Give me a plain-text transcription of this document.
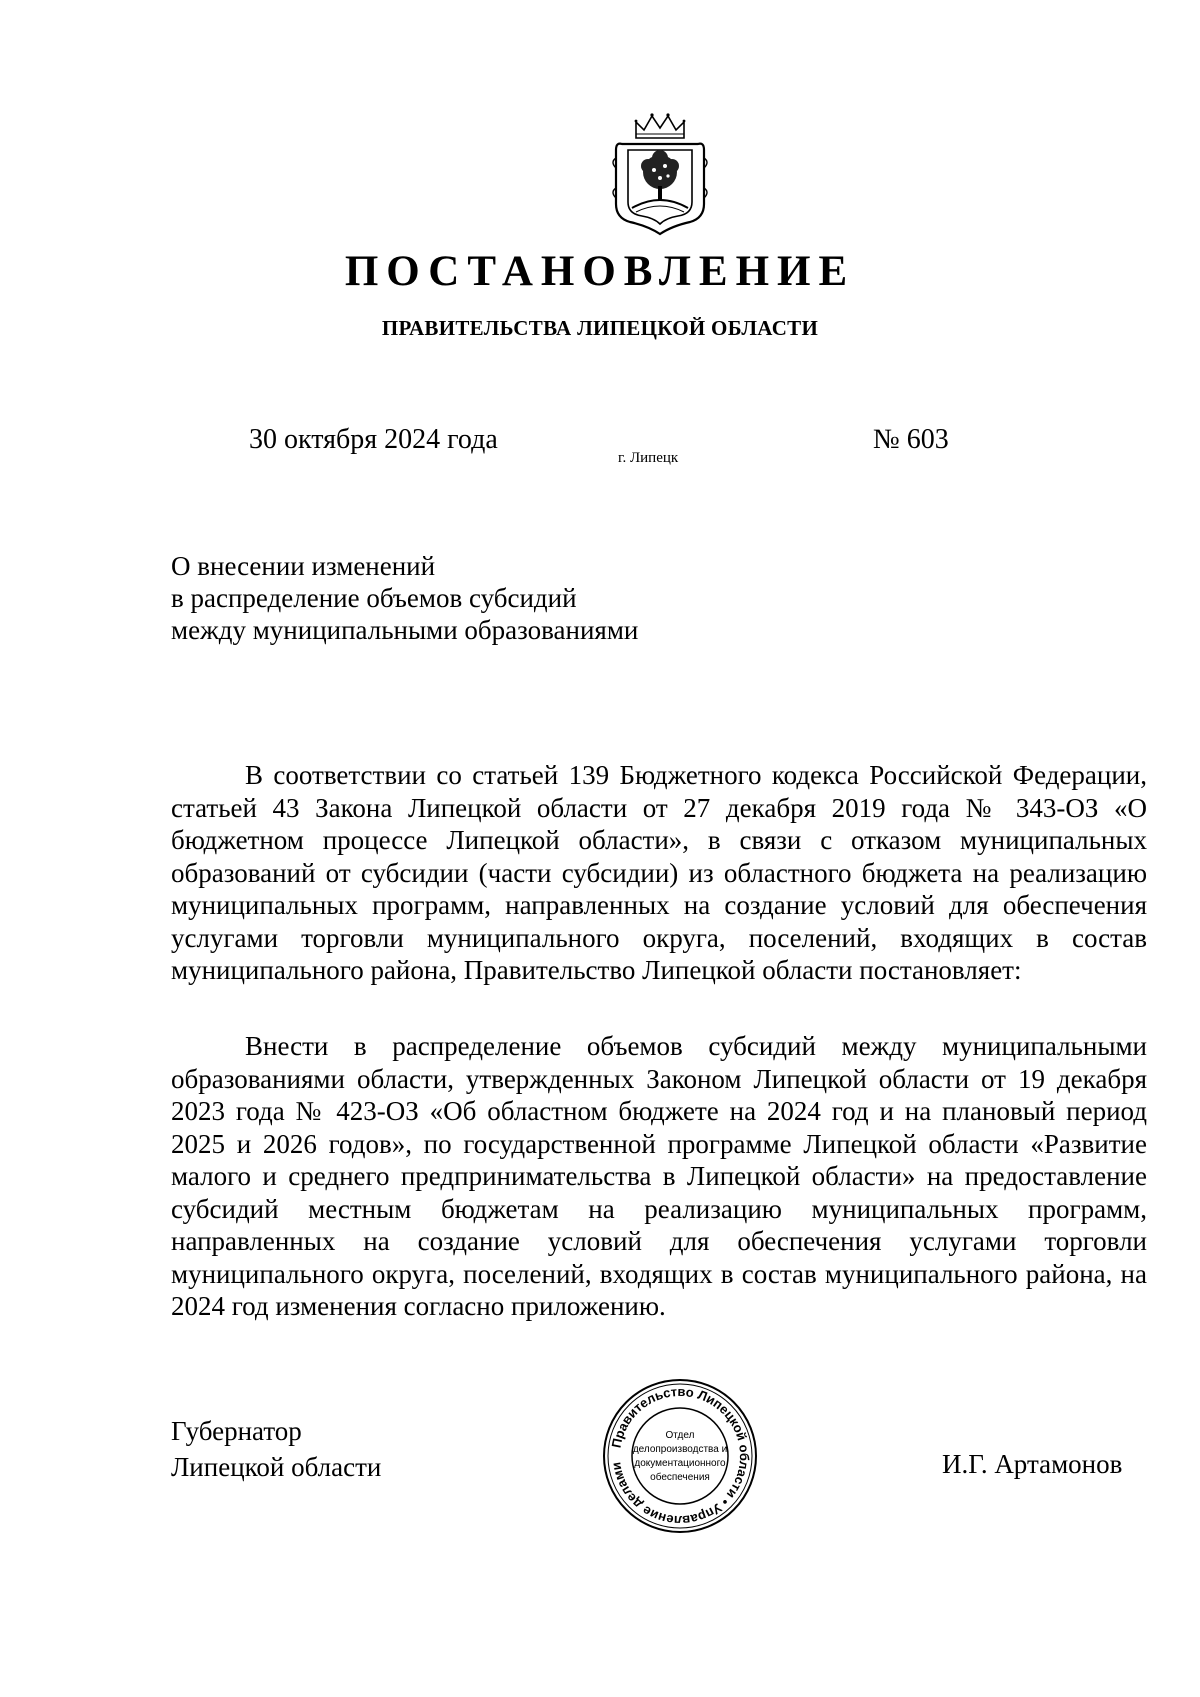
ПОСТАНОВЛЕНИЕ
ПРАВИТЕЛЬСТВА ЛИПЕЦКОЙ ОБЛАСТИ
30 октября 2024 года
г. Липецк
№ 603
О внесении изменений
в распределение объемов субсидий
между муниципальными образованиями

В соответствии со статьей 139 Бюджетного кодекса Российской Федерации, статьей 43 Закона Липецкой области от 27 декабря 2019 года № 343-ОЗ «О бюджетном процессе Липецкой области», в связи с отказом муниципальных образований от субсидии (части субсидии) из областного бюджета на реализацию муниципальных программ, направленных на создание условий для обеспечения услугами торговли муниципального округа, поселений, входящих в состав муниципального района, Правительство Липецкой области постановляет:

Внести в распределение объемов субсидий между муниципальными образованиями области, утвержденных Законом Липецкой области от 19 декабря 2023 года № 423-ОЗ «Об областном бюджете на 2024 год и на плановый период 2025 и 2026 годов», по государственной программе Липецкой области «Развитие малого и среднего предпринимательства в Липецкой области» на предоставление субсидий местным бюджетам на реализацию муниципальных программ, направленных на создание условий для обеспечения услугами торговли муниципального округа, поселений, входящих в состав муниципального района, на 2024 год изменения согласно приложению.

Губернатор
Липецкой области
Правительство Липецкой области • Управление делами
Отдел
делопроизводства и
документационного
обеспечения	И.Г. Артамонов
